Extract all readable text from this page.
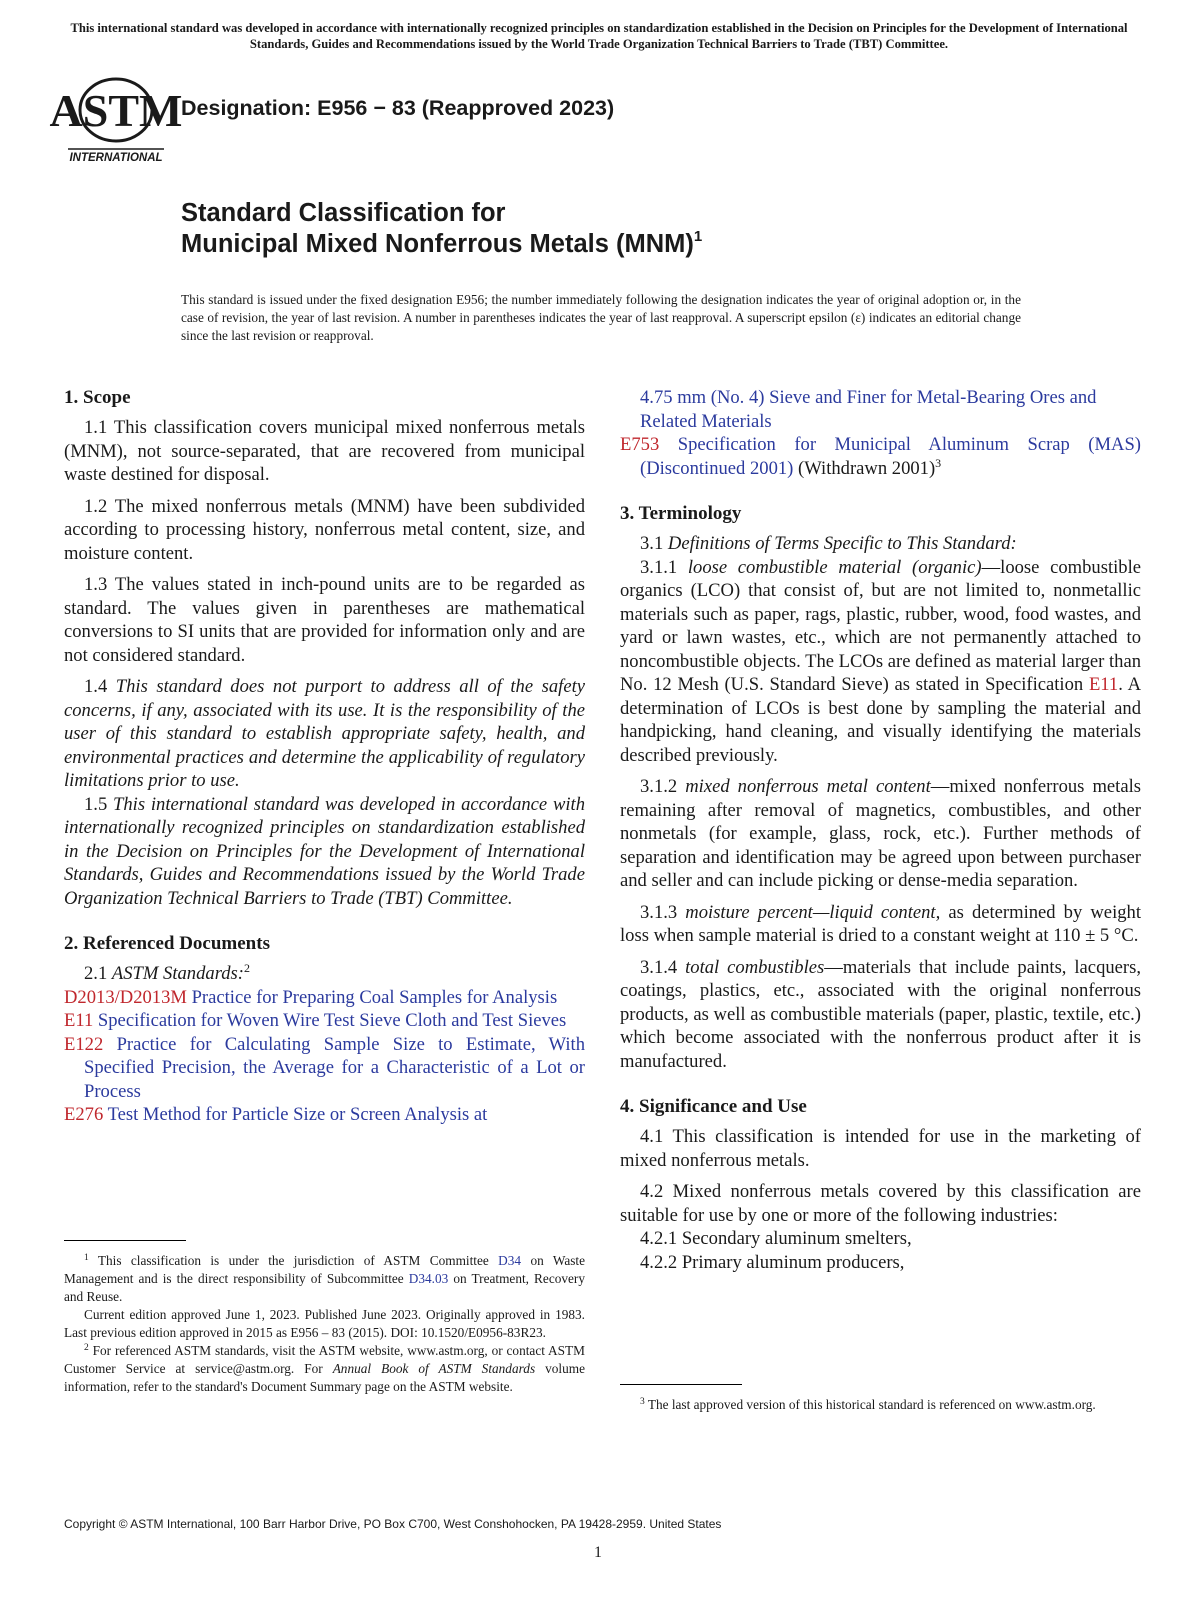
This international standard was developed in accordance with internationally recognized principles on standardization established in the Decision on Principles for the Development of International Standards, Guides and Recommendations issued by the World Trade Organization Technical Barriers to Trade (TBT) Committee.
ASTM
INTERNATIONAL
Designation: E956 − 83 (Reapproved 2023)
Standard Classification for
Municipal Mixed Nonferrous Metals (MNM)$^1$
This standard is issued under the fixed designation E956; the number immediately following the designation indicates the year of original adoption or, in the case of revision, the year of last revision. A number in parentheses indicates the year of last reapproval. A superscript epsilon (ε) indicates an editorial change since the last revision or reapproval.
1. Scope

1.1 This classification covers municipal mixed nonferrous metals (MNM), not source-separated, that are recovered from municipal waste destined for disposal.

1.2 The mixed nonferrous metals (MNM) have been subdivided according to processing history, nonferrous metal content, size, and moisture content.

1.3 The values stated in inch-pound units are to be regarded as standard. The values given in parentheses are mathematical conversions to SI units that are provided for information only and are not considered standard.

1.4 This standard does not purport to address all of the safety concerns, if any, associated with its use. It is the responsibility of the user of this standard to establish appropriate safety, health, and environmental practices and determine the applicability of regulatory limitations prior to use.

1.5 This international standard was developed in accordance with internationally recognized principles on standardization established in the Decision on Principles for the Development of International Standards, Guides and Recommendations issued by the World Trade Organization Technical Barriers to Trade (TBT) Committee.

2. Referenced Documents

2.1 ASTM Standards:$^2$

D2013/D2013M Practice for Preparing Coal Samples for Analysis

E11 Specification for Woven Wire Test Sieve Cloth and Test Sieves

E122 Practice for Calculating Sample Size to Estimate, With Specified Precision, the Average for a Characteristic of a Lot or Process

E276 Test Method for Particle Size or Screen Analysis at

$^1$ This classification is under the jurisdiction of ASTM Committee D34 on Waste Management and is the direct responsibility of Subcommittee D34.03 on Treatment, Recovery and Reuse.

Current edition approved June 1, 2023. Published June 2023. Originally approved in 1983. Last previous edition approved in 2015 as E956 – 83 (2015). DOI: 10.1520/E0956-83R23.

$^2$ For referenced ASTM standards, visit the ASTM website, www.astm.org, or contact ASTM Customer Service at service@astm.org. For Annual Book of ASTM Standards volume information, refer to the standard's Document Summary page on the ASTM website.

4.75 mm (No. 4) Sieve and Finer for Metal-Bearing Ores and Related Materials

E753 Specification for Municipal Aluminum Scrap (MAS) (Discontinued 2001) (Withdrawn 2001)$^3$

3. Terminology

3.1 Definitions of Terms Specific to This Standard:

3.1.1 loose combustible material (organic)—loose combustible organics (LCO) that consist of, but are not limited to, nonmetallic materials such as paper, rags, plastic, rubber, wood, food wastes, and yard or lawn wastes, etc., which are not permanently attached to noncombustible objects. The LCOs are defined as material larger than No. 12 Mesh (U.S. Standard Sieve) as stated in Specification E11. A determination of LCOs is best done by sampling the material and handpicking, hand cleaning, and visually identifying the materials described previously.

3.1.2 mixed nonferrous metal content—mixed nonferrous metals remaining after removal of magnetics, combustibles, and other nonmetals (for example, glass, rock, etc.). Further methods of separation and identification may be agreed upon between purchaser and seller and can include picking or dense-media separation.

3.1.3 moisture percent—liquid content, as determined by weight loss when sample material is dried to a constant weight at 110 ± 5 °C.

3.1.4 total combustibles—materials that include paints, lacquers, coatings, plastics, etc., associated with the original nonferrous products, as well as combustible materials (paper, plastic, textile, etc.) which become associated with the nonferrous product after it is manufactured.

4. Significance and Use

4.1 This classification is intended for use in the marketing of mixed nonferrous metals.

4.2 Mixed nonferrous metals covered by this classification are suitable for use by one or more of the following industries:

4.2.1 Secondary aluminum smelters,

4.2.2 Primary aluminum producers,

$^3$ The last approved version of this historical standard is referenced on www.astm.org.

Copyright © ASTM International, 100 Barr Harbor Drive, PO Box C700, West Conshohocken, PA 19428-2959. United States
1
